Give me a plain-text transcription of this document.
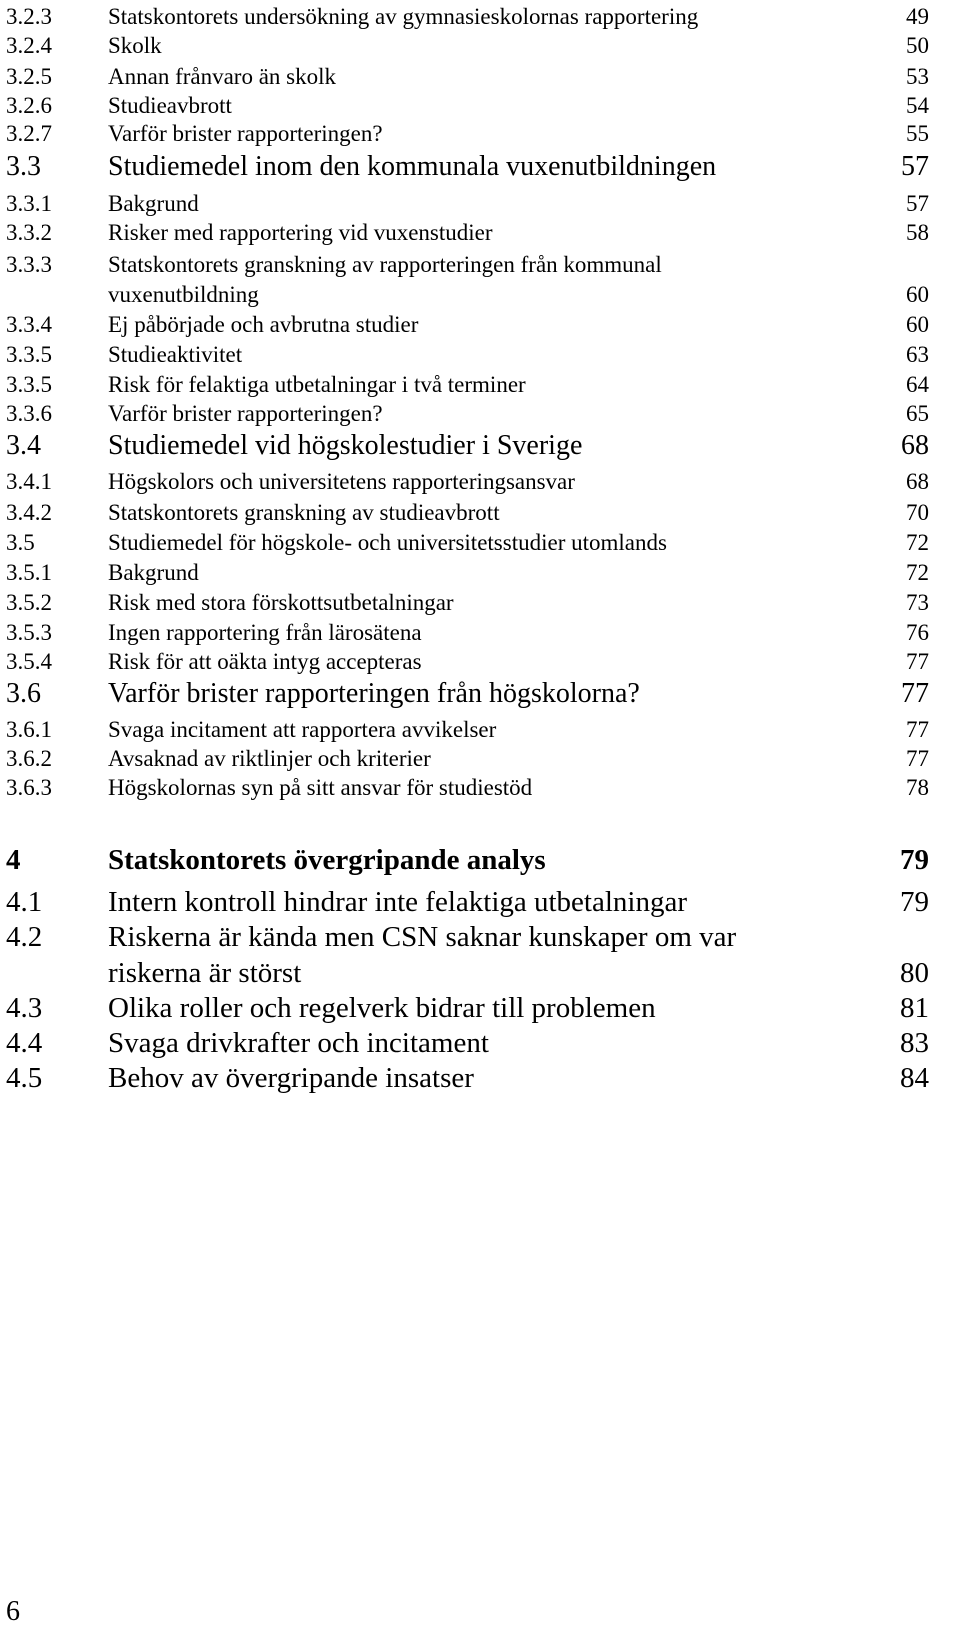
3.2.3 Statskontorets undersökning av gymnasieskolornas rapportering	49
3.2.4 Skolk	50
3.2.5 Annan frånvaro än skolk	53
3.2.6 Studieavbrott	54
3.2.7 Varför brister rapporteringen?	55
3.3 Studiemedel inom den kommunala vuxenutbildningen	57
3.3.1 Bakgrund	57
3.3.2 Risker med rapportering vid vuxenstudier	58
3.3.3 Statskontorets granskning av rapporteringen från kommunal
vuxenutbildning	60
3.3.4 Ej påbörjade och avbrutna studier	60
3.3.5 Studieaktivitet	63
3.3.5 Risk för felaktiga utbetalningar i två terminer	64
3.3.6 Varför brister rapporteringen?	65
3.4 Studiemedel vid högskolestudier i Sverige	68
3.4.1 Högskolors och universitetens rapporteringsansvar	68
3.4.2 Statskontorets granskning av studieavbrott	70
3.5	Studiemedel för högskole- och universitetsstudier utomlands	72
3.5.1 Bakgrund	72
3.5.2 Risk med stora förskottsutbetalningar	73
3.5.3 Ingen rapportering från lärosätena	76
3.5.4 Risk för att oäkta intyg accepteras	77
3.6 Varför brister rapporteringen från högskolorna?	77
3.6.1 Svaga incitament att rapportera avvikelser	77
3.6.2 Avsaknad av riktlinjer och kriterier	77
3.6.3 Högskolornas syn på sitt ansvar för studiestöd	78
4	Statskontorets övergripande analys	79
4.1 Intern kontroll hindrar inte felaktiga utbetalningar	79
4.2 Riskerna är kända men CSN saknar kunskaper om var
riskerna är störst	80
4.3 Olika roller och regelverk bidrar till problemen	81
4.4 Svaga drivkrafter och incitament	83
4.5 Behov av övergripande insatser	84
6
